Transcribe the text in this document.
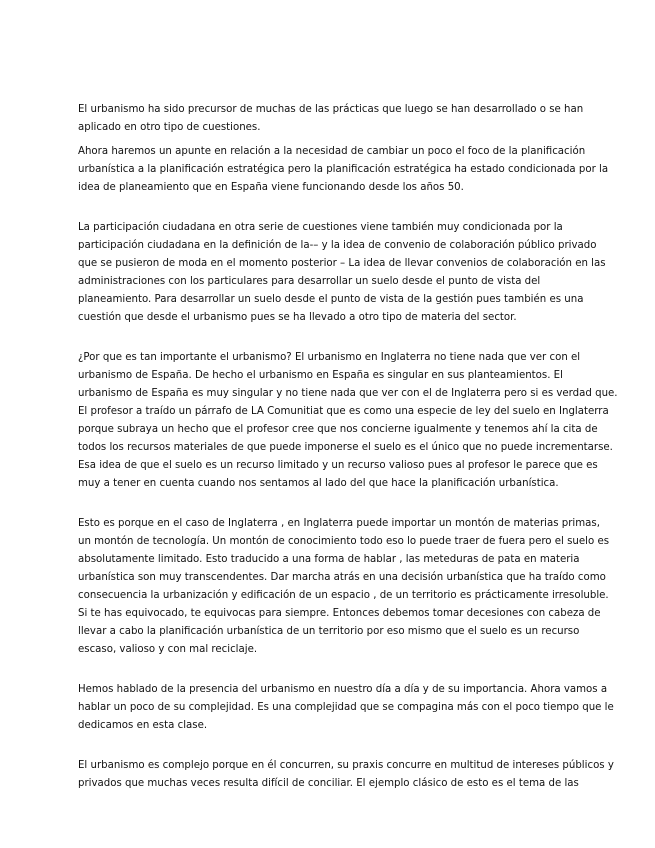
El urbanismo ha sido precursor de muchas de las prácticas que luego se han desarrollado o se han
aplicado en otro tipo de cuestiones.

Ahora haremos un apunte en relación a la necesidad de cambiar un poco el foco de la planificación
urbanística a la planificación estratégica pero la planificación estratégica ha estado condicionada por la
idea de planeamiento que en España viene funcionando desde los años 50.

La participación ciudadana en otra serie de cuestiones viene también muy condicionada por la
participación ciudadana en la definición de la-– y la idea de convenio de colaboración público privado
que se pusieron de moda en el momento posterior – La idea de llevar convenios de colaboración en las
administraciones con los particulares para desarrollar un suelo desde el punto de vista del
planeamiento. Para desarrollar un suelo desde el punto de vista de la gestión pues también es una
cuestión que desde el urbanismo pues se ha llevado a otro tipo de materia del sector.

¿Por que es tan importante el urbanismo? El urbanismo en Inglaterra no tiene nada que ver con el
urbanismo de España. De hecho el urbanismo en España es singular en sus planteamientos. El
urbanismo de España es muy singular y no tiene nada que ver con el de Inglaterra pero si es verdad que.
El profesor a traído un párrafo de LA Comunitiat que es como una especie de ley del suelo en Inglaterra
porque subraya un hecho que el profesor cree que nos concierne igualmente y tenemos ahí la cita de
todos los recursos materiales de que puede imponerse el suelo es el único que no puede incrementarse.
Esa idea de que el suelo es un recurso limitado y un recurso valioso pues al profesor le parece que es
muy a tener en cuenta cuando nos sentamos al lado del que hace la planificación urbanística.

Esto es porque en el caso de Inglaterra , en Inglaterra puede importar un montón de materias primas,
un montón de tecnología. Un montón de conocimiento todo eso lo puede traer de fuera pero el suelo es
absolutamente limitado. Esto traducido a una forma de hablar , las meteduras de pata en materia
urbanística son muy transcendentes. Dar marcha atrás en una decisión urbanística que ha traído como
consecuencia la urbanización y edificación de un espacio , de un territorio es prácticamente irresoluble.
Si te has equivocado, te equivocas para siempre. Entonces debemos tomar decesiones con cabeza de
llevar a cabo la planificación urbanística de un territorio por eso mismo que el suelo es un recurso
escaso, valioso y con mal reciclaje.

Hemos hablado de la presencia del urbanismo en nuestro día a día y de su importancia. Ahora vamos a
hablar un poco de su complejidad. Es una complejidad que se compagina más con el poco tiempo que le
dedicamos en esta clase.

El urbanismo es complejo porque en él concurren, su praxis concurre en multitud de intereses públicos y
privados que muchas veces resulta difícil de conciliar. El ejemplo clásico de esto es el tema de las
